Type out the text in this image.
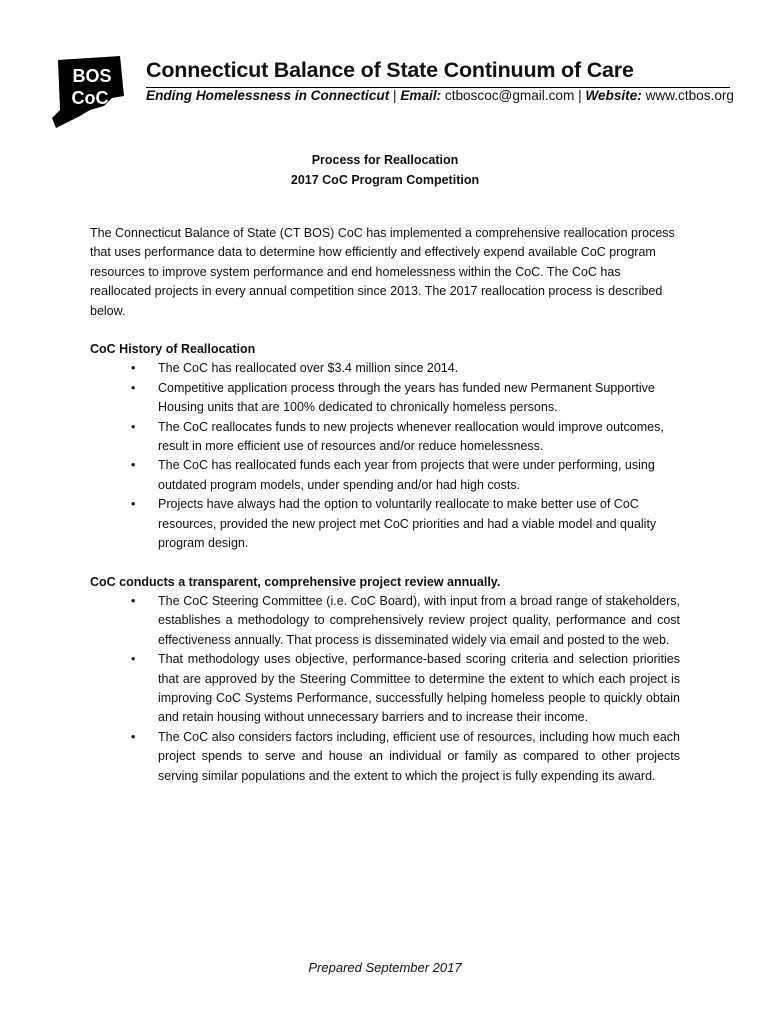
BOS
CoC
Connecticut Balance of State Continuum of Care
Ending Homelessness in Connecticut | Email: ctboscoc@gmail.com | Website: www.ctbos.org
Process for Reallocation
2017 CoC Program Competition

The Connecticut Balance of State (CT BOS) CoC has implemented a comprehensive reallocation process that uses performance data to determine how efficiently and effectively expend available CoC program resources to improve system performance and end homelessness within the CoC. The CoC has reallocated projects in every annual competition since 2013. The 2017 reallocation process is described below.

CoC History of Reallocation

• The CoC has reallocated over $3.4 million since 2014.
• Competitive application process through the years has funded new Permanent Supportive Housing units that are 100% dedicated to chronically homeless persons.
• The CoC reallocates funds to new projects whenever reallocation would improve outcomes, result in more efficient use of resources and/or reduce homelessness.
• The CoC has reallocated funds each year from projects that were under performing, using outdated program models, under spending and/or had high costs.
• Projects have always had the option to voluntarily reallocate to make better use of CoC resources, provided the new project met CoC priorities and had a viable model and quality program design.

CoC conducts a transparent, comprehensive project review annually.

• The CoC Steering Committee (i.e. CoC Board), with input from a broad range of stakeholders, establishes a methodology to comprehensively review project quality, performance and cost effectiveness annually. That process is disseminated widely via email and posted to the web.
• That methodology uses objective, performance-based scoring criteria and selection priorities that are approved by the Steering Committee to determine the extent to which each project is improving CoC Systems Performance, successfully helping homeless people to quickly obtain and retain housing without unnecessary barriers and to increase their income.
• The CoC also considers factors including, efficient use of resources, including how much each project spends to serve and house an individual or family as compared to other projects serving similar populations and the extent to which the project is fully expending its award.
Prepared September 2017
